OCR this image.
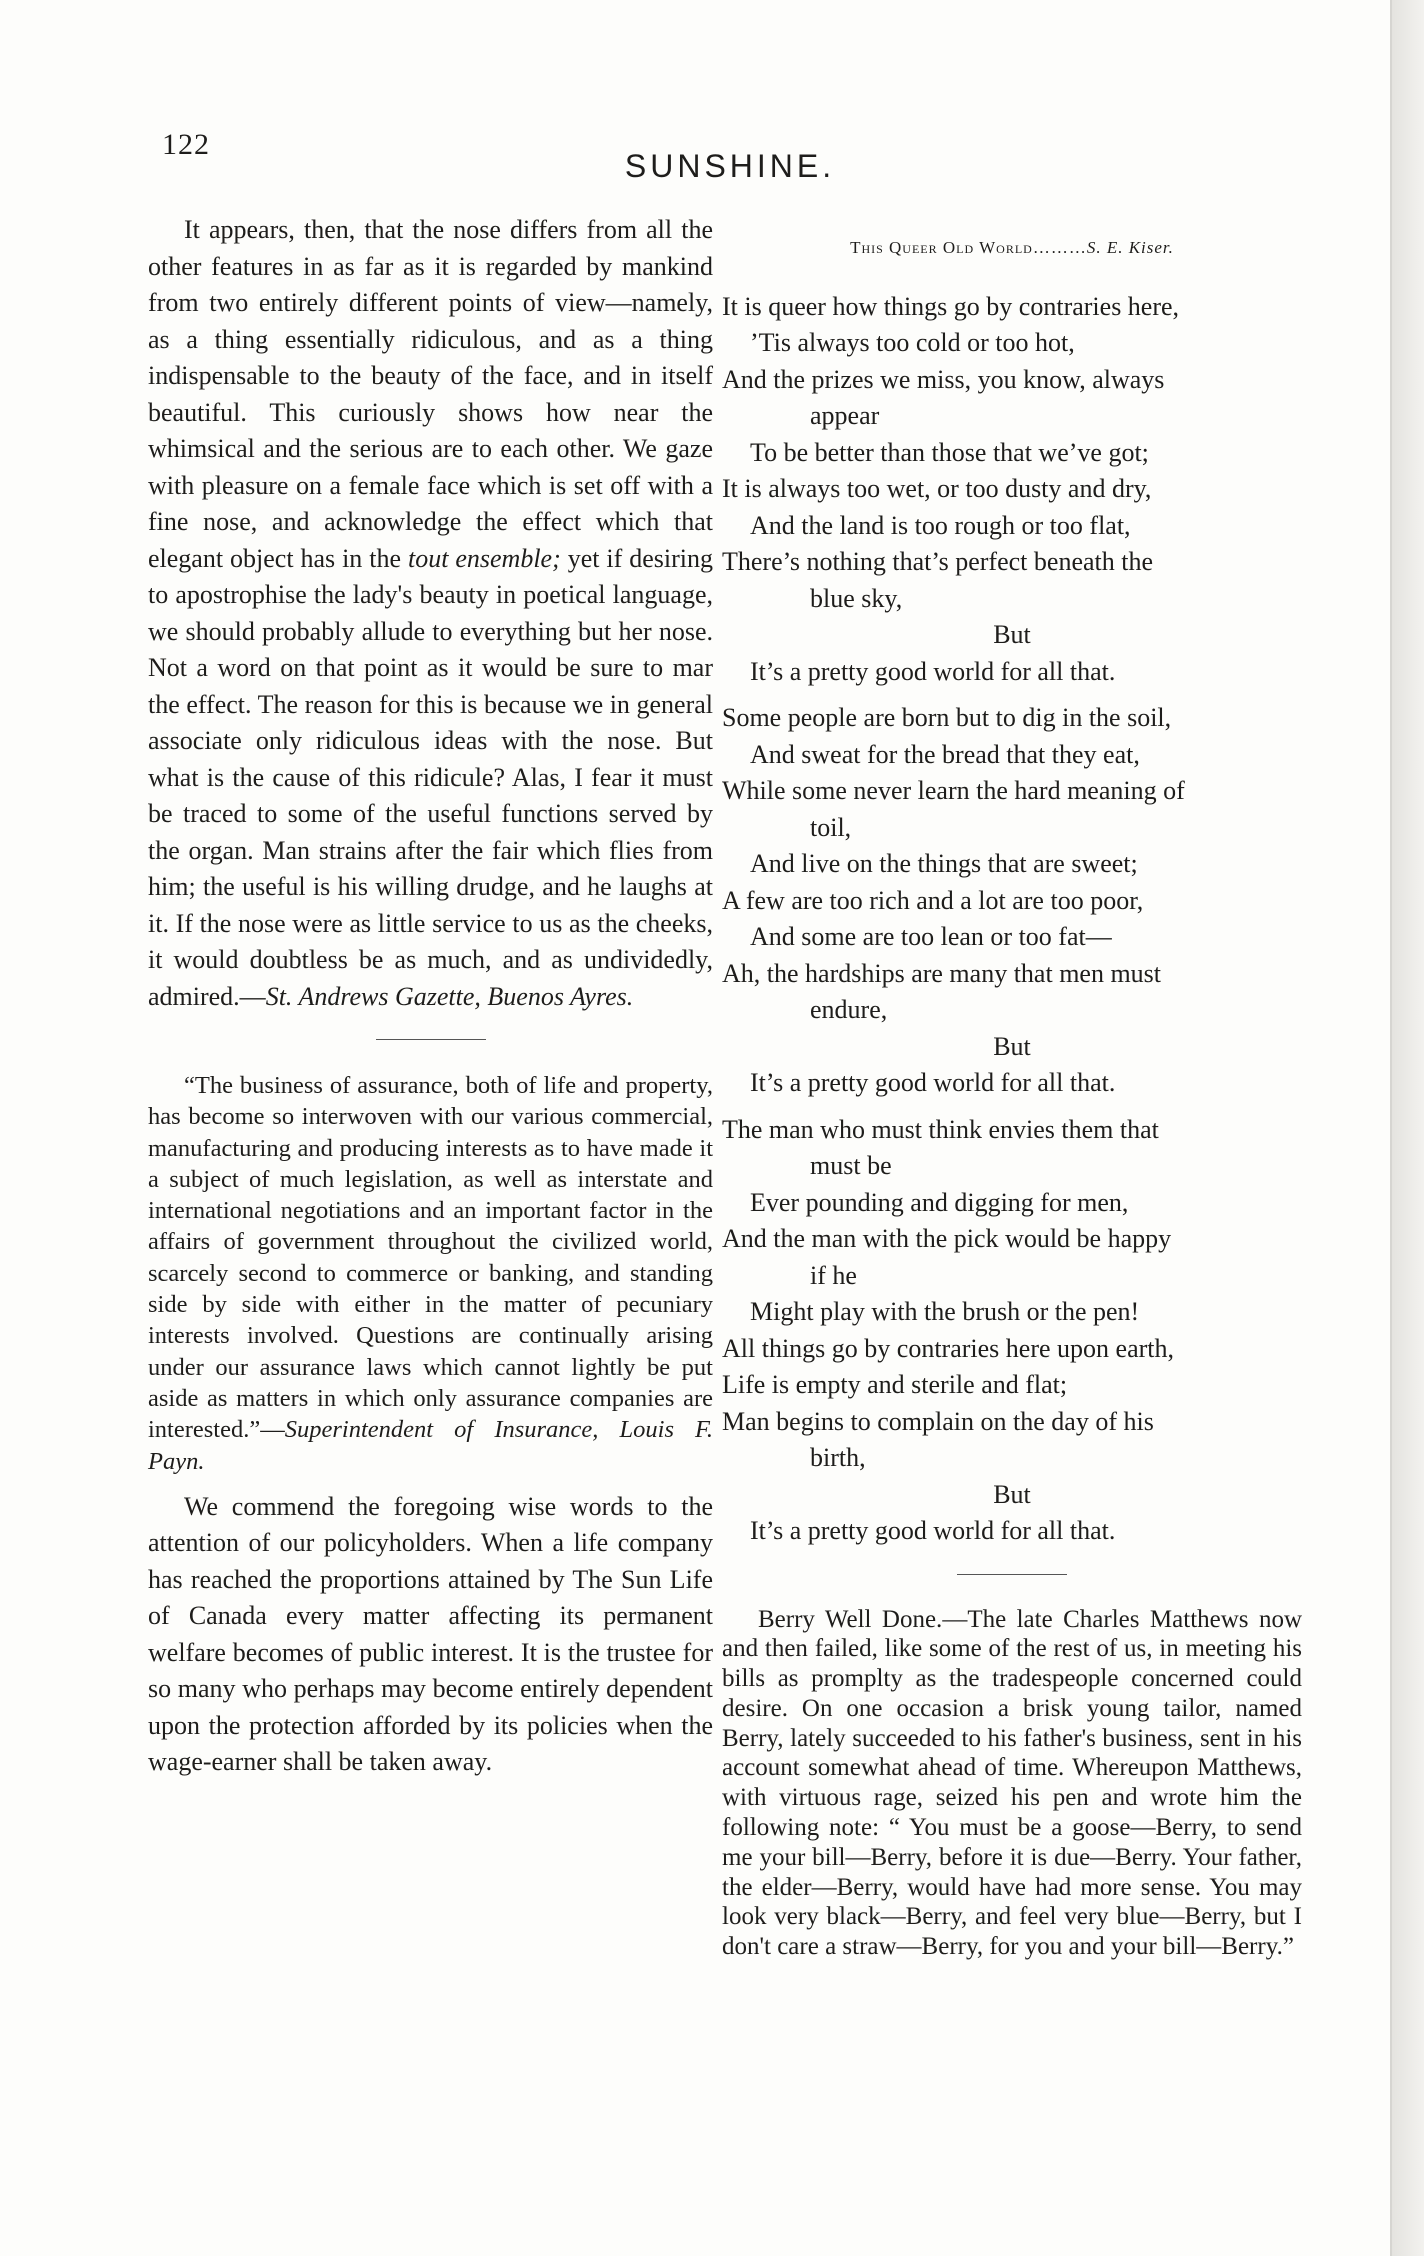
122
SUNSHINE.

It appears, then, that the nose differs from all the other features in as far as it is regarded by mankind from two entirely different points of view—namely, as a thing essentially ridiculous, and as a thing indispensable to the beauty of the face, and in itself beautiful. This curiously shows how near the whimsical and the serious are to each other. We gaze with pleasure on a female face which is set off with a fine nose, and acknowledge the effect which that elegant object has in the tout ensemble; yet if desiring to apostrophise the lady's beauty in poetical language, we should probably allude to everything but her nose. Not a word on that point as it would be sure to mar the effect. The reason for this is because we in general associate only ridiculous ideas with the nose. But what is the cause of this ridicule? Alas, I fear it must be traced to some of the useful functions served by the organ. Man strains after the fair which flies from him; the useful is his willing drudge, and he laughs at it. If the nose were as little service to us as the cheeks, it would doubtless be as much, and as undividedly, admired.—St. Andrews Gazette, Buenos Ayres.

“The business of assurance, both of life and property, has become so interwoven with our various commercial, manufacturing and producing interests as to have made it a subject of much legislation, as well as interstate and international negotiations and an important factor in the affairs of government throughout the civilized world, scarcely second to commerce or banking, and standing side by side with either in the matter of pecuniary interests involved. Questions are continually arising under our assurance laws which cannot lightly be put aside as matters in which only assurance companies are interested.”—Superintendent of Insurance, Louis F. Payn.

We commend the foregoing wise words to the attention of our policyholders. When a life company has reached the proportions attained by The Sun Life of Canada every matter affecting its permanent welfare becomes of public interest. It is the trustee for so many who perhaps may become entirely dependent upon the protection afforded by its policies when the wage-earner shall be taken away.

This Queer Old World………S. E. Kiser.
It is queer how things go by contraries here,
’Tis always too cold or too hot,
And the prizes we miss, you know, always
appear
To be better than those that we’ve got;
It is always too wet, or too dusty and dry,
And the land is too rough or too flat,
There’s nothing that’s perfect beneath the
blue sky,
But
It’s a pretty good world for all that.
Some people are born but to dig in the soil,
And sweat for the bread that they eat,
While some never learn the hard meaning of
toil,
And live on the things that are sweet;
A few are too rich and a lot are too poor,
And some are too lean or too fat—
Ah, the hardships are many that men must
endure,
But
It’s a pretty good world for all that.
The man who must think envies them that
must be
Ever pounding and digging for men,
And the man with the pick would be happy
if he
Might play with the brush or the pen!
All things go by contraries here upon earth,
Life is empty and sterile and flat;
Man begins to complain on the day of his
birth,
But
It’s a pretty good world for all that.

Berry Well Done.—The late Charles Matthews now and then failed, like some of the rest of us, in meeting his bills as promplty as the tradespeople concerned could desire. On one occasion a brisk young tailor, named Berry, lately succeeded to his father's business, sent in his account somewhat ahead of time. Whereupon Matthews, with virtuous rage, seized his pen and wrote him the following note: “ You must be a goose—Berry, to send me your bill—Berry, before it is due—Berry. Your father, the elder—Berry, would have had more sense. You may look very black—Berry, and feel very blue—Berry, but I don't care a straw—Berry, for you and your bill—Berry.”
